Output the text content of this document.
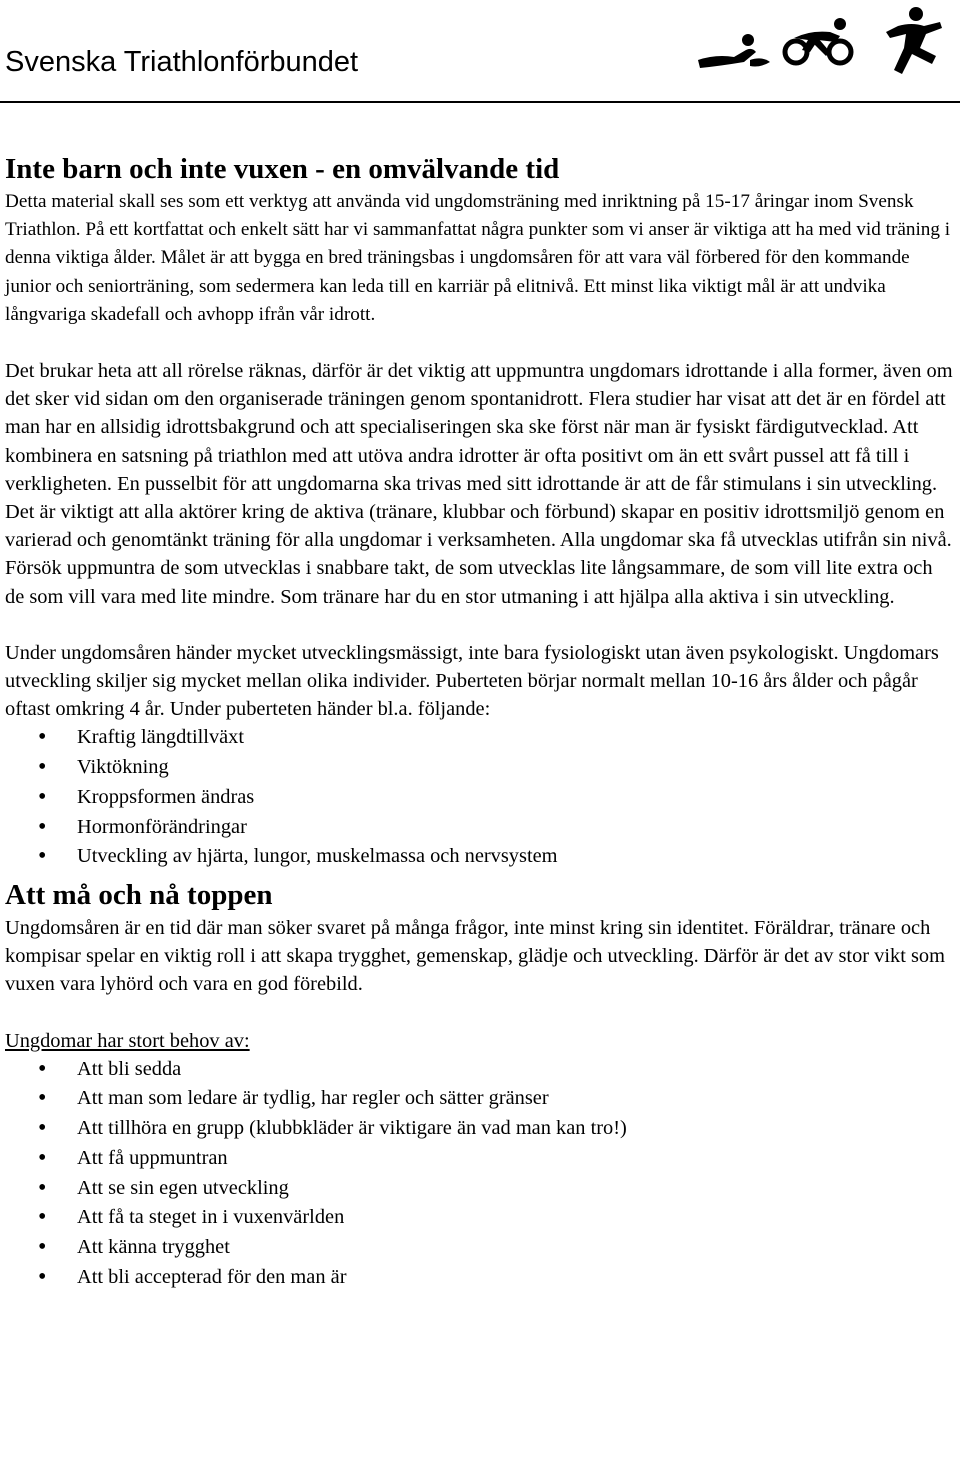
Svenska Triathlonförbundet
Inte barn och inte vuxen - en omvälvande tid

Detta material skall ses som ett verktyg att använda vid ungdomsträning med inriktning på 15-17 åringar inom Svensk Triathlon. På ett kortfattat och enkelt sätt har vi sammanfattat några punkter som vi anser är viktiga att ha med vid träning i denna viktiga ålder. Målet är att bygga en bred träningsbas i ungdomsåren för att vara väl förbered för den kommande junior och seniorträning, som sedermera kan leda till en karriär på elitnivå. Ett minst lika viktigt mål är att undvika långvariga skadefall och avhopp ifrån vår idrott.

Det brukar heta att all rörelse räknas, därför är det viktig att uppmuntra ungdomars idrottande i alla former, även om det sker vid sidan om den organiserade träningen genom spontanidrott. Flera studier har visat att det är en fördel att man har en allsidig idrottsbakgrund och att specialiseringen ska ske först när man är fysiskt färdigutvecklad. Att kombinera en satsning på triathlon med att utöva andra idrotter är ofta positivt om än ett svårt pussel att få till i verkligheten. En pusselbit för att ungdomarna ska trivas med sitt idrottande är att de får stimulans i sin utveckling. Det är viktigt att alla aktörer kring de aktiva (tränare, klubbar och förbund) skapar en positiv idrottsmiljö genom en varierad och genomtänkt träning för alla ungdomar i verksamheten. Alla ungdomar ska få utvecklas utifrån sin nivå. Försök uppmuntra de som utvecklas i snabbare takt, de som utvecklas lite långsammare, de som vill lite extra och de som vill vara med lite mindre. Som tränare har du en stor utmaning i att hjälpa alla aktiva i sin utveckling.

Under ungdomsåren händer mycket utvecklingsmässigt, inte bara fysiologiskt utan även psykologiskt. Ungdomars utveckling skiljer sig mycket mellan olika individer. Puberteten börjar normalt mellan 10-16 års ålder och pågår oftast omkring 4 år. Under puberteten händer bl.a. följande:

• Kraftig längdtillväxt
• Viktökning
• Kroppsformen ändras
• Hormonförändringar
• Utveckling av hjärta, lungor, muskelmassa och nervsystem
Att må och nå toppen

Ungdomsåren är en tid där man söker svaret på många frågor, inte minst kring sin identitet. Föräldrar, tränare och kompisar spelar en viktig roll i att skapa trygghet, gemenskap, glädje och utveckling. Därför är det av stor vikt som vuxen vara lyhörd och vara en god förebild.

Ungdomar har stort behov av:

• Att bli sedda
• Att man som ledare är tydlig, har regler och sätter gränser
• Att tillhöra en grupp (klubbkläder är viktigare än vad man kan tro!)
• Att få uppmuntran
• Att se sin egen utveckling
• Att få ta steget in i vuxenvärlden
• Att känna trygghet
• Att bli accepterad för den man är
